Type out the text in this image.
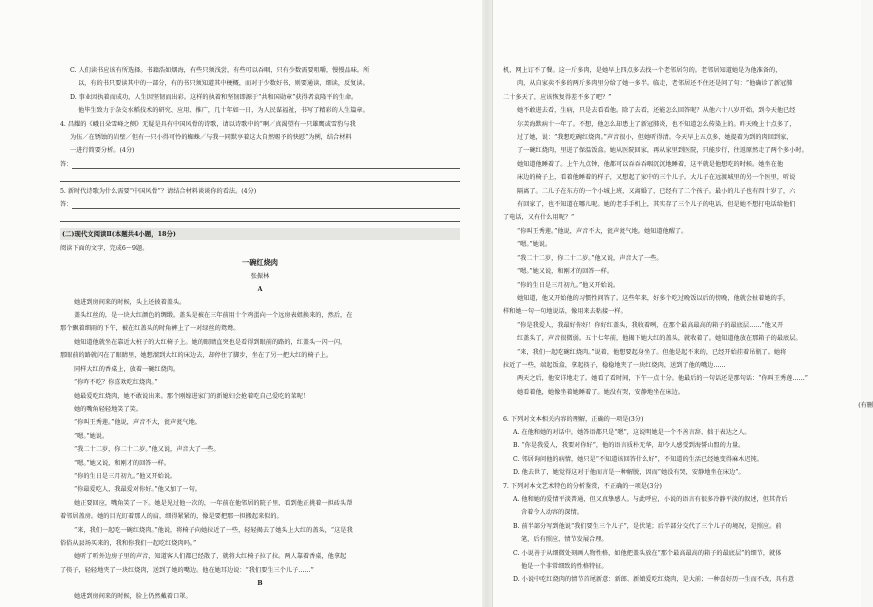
C. 人们读书应该有所选择。书籍浩如烟海，有些只须浅尝，有些可以吞咽，只有少数需要咀嚼，慢慢品味。所
以，有的书只要读其中的一部分，有的书只须知道其中梗概，而对于少数好书，则要通读，细读，反复读。
D. 事业因执着而成功，人生因坚韧而出彩。这样的执着和坚韧即源于“共和国勋章”获得者袁隆平的生命。
他毕生致力于杂交水稻技术的研究、应用、推广，几十年如一日，为人民谋福祉，书写了精彩的人生篇章。
4. 昌耀的《峨日朵雪峰之侧》无疑是具有中国风骨的诗歌，请以诗歌中的“啊／真渴望有一只雄鹰或雪豹与我
为伍／在锈蚀的岩壁／但有一只小得可怜的蜘蛛／与我一同默享着这大自然赐予的快慰”为例，结合材料
一进行简要分析。(4分)
答：
5. 新时代诗歌为什么需要“中国风骨”？请结合材料谈谈你的看法。(4分)
答：
(二)现代文阅读Ⅱ(本题共4小题，18分)
阅读下面的文字，完成6～9题。
一碗红烧肉
张振林
A
她进到房间来的时候，头上还披着盖头。
盖头红丝的，是一块大红颜色的绸缎。盖头是被在三年前用十个鸡蛋向一个远房表姐换来的，然后，在
那个飘着细雨的下午，被在红盖头的时角裤上了一对绿丝的鸳鸯。
她知道他就坐在靠近大桩子的大红椅子上。她的眼睛直突也是看得到眼前的路的，红盖头一闪一闪，
那眼前的路就闪在了眼睛里，她想溜到大红的床边去，却停住了脚步，坐在了另一把大红的椅子上。
同样大红的香桌上，放着一碗红烧肉。
“你咋不吃？你喜欢吃红烧肉。”
她最爱吃红烧肉，她不敢说出来。那个刚嫁进家门的新媳妇会抢着吃自己爱吃的菜呢！
她的嘴角轻轻地笑了笑。
“你叫王秀莲。”他说，声音不大，瓮声瓮气地。
“嗯。”她说。
“我二十二岁，你二十二岁。”他又说，声音大了一些。
“嗯。”她又说，和刚才的回答一样。
“你的生日是三月初九。”他又开始说。
“你最爱吃人，我最爱对你好。”他又加了一句。
她正要回应，嘴角笑了一下。她是见过他一次的，一年前在他邻居的院子里，看到他正挑着一担砖头帮
着邻居盖房。她的目光盯着那人的肩，细得紧紧的，像是要把那一担搬起来似的。
“来，我们一起吃一碗红烧肉。”他说，将椅子向她拉近了一些，轻轻揭去了她头上大红的盖头，“这是我
俗俗从县场买来的，我和你我们一起吃红烧肉吗。”
她听了听外边房子里的声音，知道客人们都已经散了，就将大红椅子拉了拉。两人靠着香桌，他拿起
了筷子，轻轻地夹了一块红烧肉，送到了她的嘴边。他在她耳边说：“我们要生三个儿子……”
B
她进到房间来的时候，脸上仍然戴着口罩。
机，网上订不了餐。这一斤多肉，是她早上四点多去找一个老邻居匀的。老邻居知道她是为他准备的，
肉，从自家卖不多的两斤多肉里分给了她一多半。临走，老邻居还不住还是问了句：“他确诊了新冠肺
二十多天了，应该恢复得差不多了吧？”
她不敢进去看，生病，只是去看看他。除了去看，还能怎么回答呢？从他六十八岁开始，到今天他已经
尔芙海默病十一年了。不想，他怎么却患上了新冠肺炎，也不知道怎么传染上的。昨天晚上十点多了，
过了她，说：“我想吃碗红烧肉。”声音很小，但她听得清。今天早上五点多，她提着为到的肉回到家，
了一碗红烧肉，里迸了保温饭盒。她从医院回家，再从家里到医院，只能步行，往返原然走了两个多小时。
她知道他睡着了。上午九点钟，他都可以吞吞吞咽沉沉地睡着，这平就是他想吃的时候。她坐在他
床边的椅子上，看着他睡着的样子，又想起了家中的三个儿子。大儿子在远渡城里的另一个医里，听说
隔离了。二儿子在东方的一个小城上班，又离婚了，已经有了二个孩子。最小的儿子也有四十岁了，六
有回家了，也不知道在哪儿呢。她的老手手机上，其实存了三个儿子的电话，但是她不想打电话给他们
了电话，又有什么用呢？”
“你叫王秀莲。”他说，声音不大，瓮声瓮气地。她知道他醒了。
“嗯。”她说。
“我二十二岁，你二十二岁。”他又说，声音大了一些。
“嗯。”她又说，和刚才的回答一样。
“你的生日是三月初九。”他又开始说。
她知道，他又开始他的习惯性问答了。这些年来，好多个吃过晚饭以后的傍晚，他就会扯着她的手，
样和她一句一句地说话，像用来去粘接一样。
“你是我爱人，我最好你好！你好红盖头，我收着咧，在那个最高最高的箱子的最底层……”他又开
红盖头了，声音很微弱。五十七年前，他揭下她大红的盖头，就收着了。她知道他放在那箱子的最底层。
“来，我们一起吃碗红烧肉。”说着，他想要起身坐了。但他是起不来的，已经开始挂着吊瓶了。她将
拉近了一些，端起饭盒，拿起筷子，稳稳地夹了一块红烧肉，送到了他的嘴边……
两天之后，他安详地走了。她看了看时间，下午一点十分。他最后的一句话还是那句话：“你叫王秀莲……”
她看着他，她像坐着她睡着了。她没有哭，安静地坐在床边。
(有删
6. 下列对文本相关内容的理解，正确的一项是(3分)
A. 在他和她的对话中，她答语都只是“嗯”，这说明她是一个不善言辞、拙于表达之人。
B. “你是我爱人，我要对你好”，他的语言质朴无华，却令人感受到海誓山盟的力量。
C. 邻居询问他的病情，她只是“不知道该回答什么好”，不知道的生活已经她变得麻木迟钝。
D. 他去世了，她觉得这对于他而言是一种解脱，因而“她没有哭，安静地坐在床边”。
7. 下列对本文艺术特色的分析鉴赏，不正确的一项是(3分)
A. 他和她的爱情平淡普通，但又真挚感人。与此呼应，小说的语言有很多冷静平淡的叙述，但其背后
含着令人动容的深情。
B. 前半部分写到他说“我们要生三个儿子”，是伏笔；后半部分交代了三个儿子的境况，是照应。前
笔，后有照应，情节发展合理。
C. 小说善于从细微处刻画人物性格，如他把盖头放在“那个最高最高的箱子的最底层”的细节，就体
他是一个非常细致的性格特征。
D. 小说中吃红烧肉的情节首尾新意：新郎、新娘爱吃红烧肉，是大前；一种喜好历一生而不改，具有意
